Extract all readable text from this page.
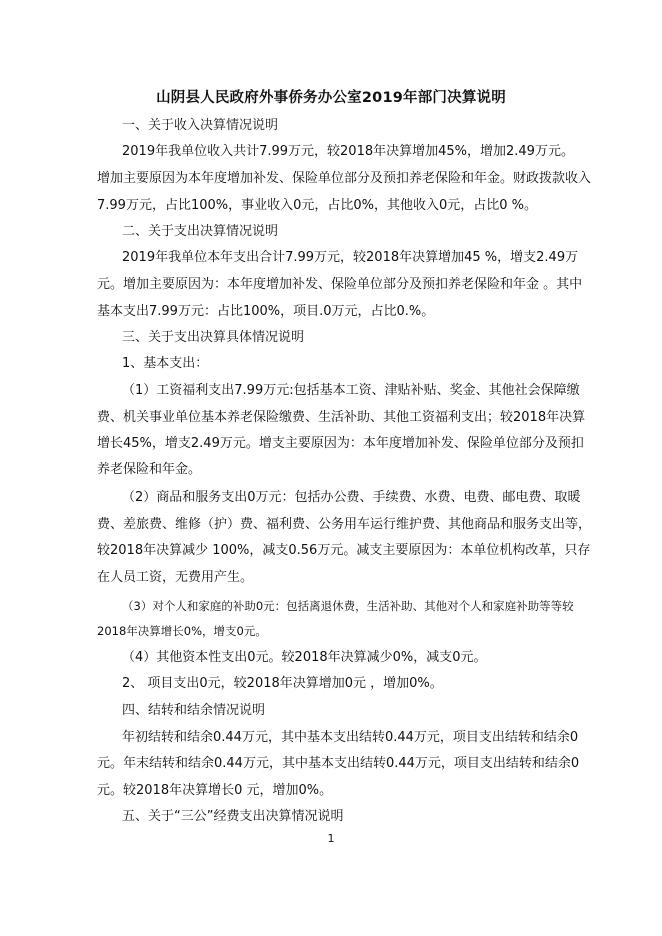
山阴县人民政府外事侨务办公室2019年部门决算说明
一、关于收入决算情况说明
2019年我单位收入共计7.99万元，较2018年决算增加45%，增加2.49万元。
增加主要原因为本年度增加补发、保险单位部分及预扣养老保险和年金。财政拨款收入
7.99万元，占比100%，事业收入0元，占比0%，其他收入0元，占比0 %。
二、关于支出决算情况说明
2019年我单位本年支出合计7.99万元，较2018年决算增加45 %，增支2.49万
元。增加主要原因为：本年度增加补发、保险单位部分及预扣养老保险和年金 。其中
基本支出7.99万元：占比100%，项目.0万元，占比0.%。
三、关于支出决算具体情况说明
1、基本支出：
（1）工资福利支出7.99万元:包括基本工资、津贴补贴、奖金、其他社会保障缴
费、机关事业单位基本养老保险缴费、生活补助、其他工资福利支出；较2018年决算
增长45%，增支2.49万元。增支主要原因为：本年度增加补发、保险单位部分及预扣
养老保险和年金。
（2）商品和服务支出0万元：包括办公费、手续费、水费、电费、邮电费、取暖
费、差旅费、维修（护）费、福利费、公务用车运行维护费、其他商品和服务支出等，
较2018年决算减少 100%，减支0.56万元。减支主要原因为：本单位机构改革，只存
在人员工资，无费用产生。
（3）对个人和家庭的补助0元：包括离退休费，生活补助、其他对个人和家庭补助等等较
2018年决算增长0%，增支0元。
（4）其他资本性支出0元。较2018年决算减少0%，减支0元。
2、 项目支出0元，较2018年决算增加0元 ，增加0%。
四、结转和结余情况说明
年初结转和结余0.44万元，其中基本支出结转0.44万元，项目支出结转和结余0
元。年末结转和结余0.44万元，其中基本支出结转0.44万元，项目支出结转和结余0
元。较2018年决算增长0 元，增加0%。
五、关于“三公”经费支出决算情况说明
1
